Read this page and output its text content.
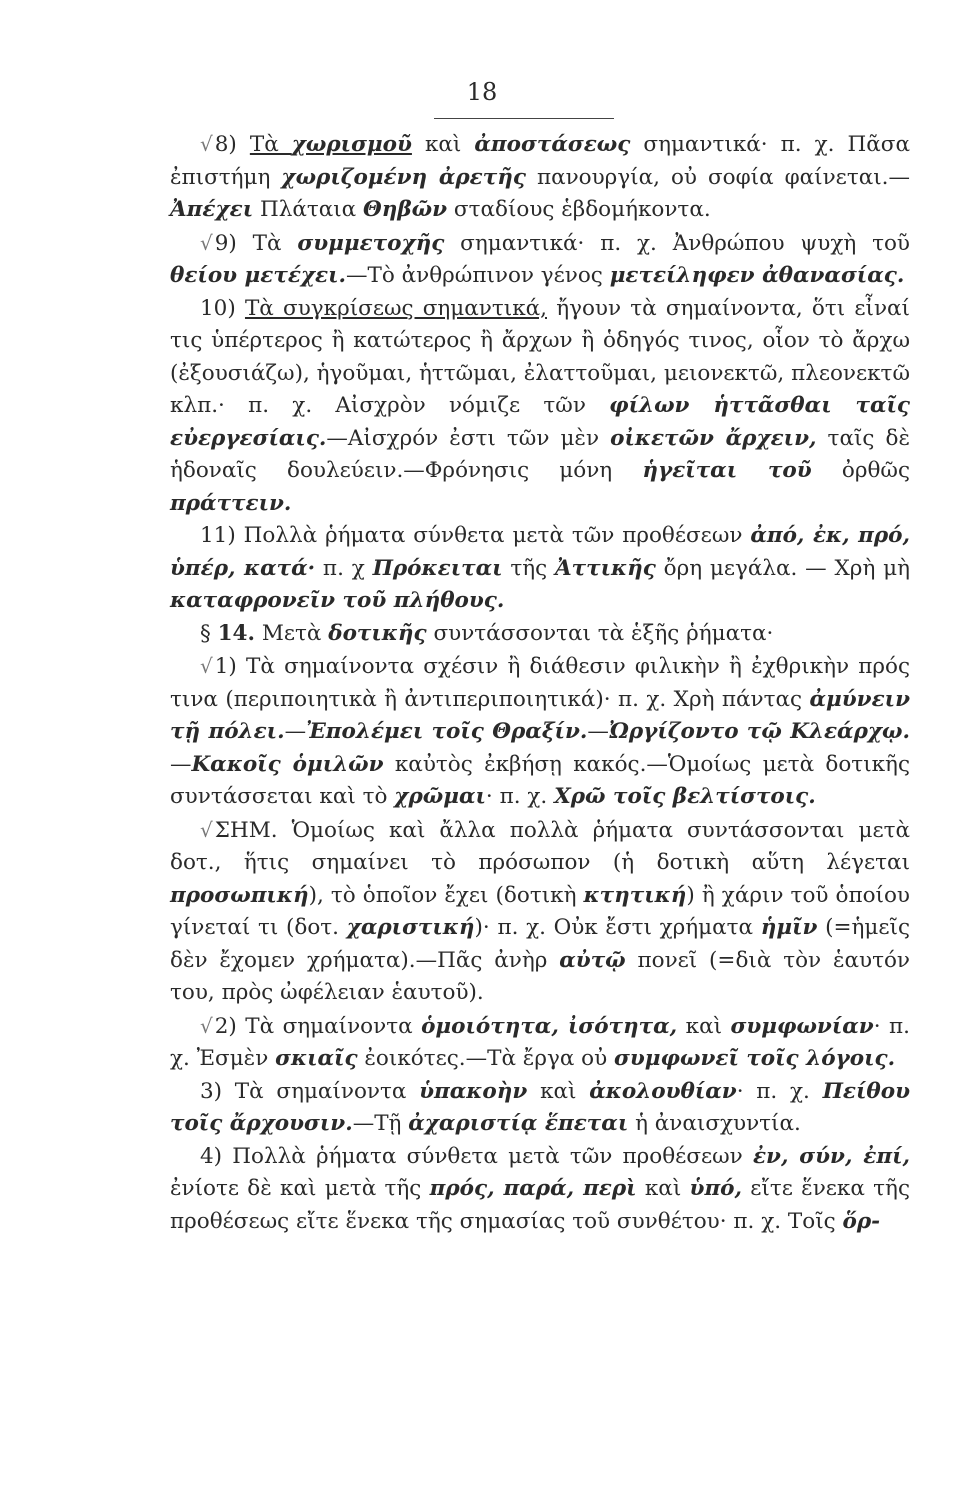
18

√8) Τὰ χωρισμοῦ καὶ ἀποστάσεως σημαντικά· π. χ. Πᾶσα ἐπιστήμη χωριζομένη ἀρετῆς πανουργία, οὐ σοφία φαίνεται.—Ἀπέχει Πλάταια Θηβῶν σταδίους ἑβδομήκοντα.

√9) Τὰ συμμετοχῆς σημαντικά· π. χ. Ἀνθρώπου ψυχὴ τοῦ θείου μετέχει.—Τὸ ἀνθρώπινον γένος μετείληφεν ἀθανασίας.

10) Τὰ συγκρίσεως σημαντικά, ἤγουν τὰ σημαίνοντα, ὅτι εἶναί τις ὑπέρτερος ἢ κατώτερος ἢ ἄρχων ἢ ὁδηγός τινος, οἷον τὸ ἄρχω (ἐξουσιάζω), ἡγοῦμαι, ἡττῶμαι, ἐλαττοῦμαι, μειονεκτῶ, πλεονεκτῶ κλπ.· π. χ. Αἰσχρὸν νόμιζε τῶν φίλων ἡττᾶσθαι ταῖς εὐεργεσίαις.—Αἰσχρόν ἐστι τῶν μὲν οἰκετῶν ἄρχειν, ταῖς δὲ ἡδοναῖς δουλεύειν.—Φρόνησις μόνη ἡγεῖται τοῦ ὀρθῶς πράττειν.

11) Πολλὰ ῥήματα σύνθετα μετὰ τῶν προθέσεων ἀπό, ἐκ, πρό, ὑπέρ, κατά· π. χ Πρόκειται τῆς Ἀττικῆς ὄρη μεγάλα. — Χρὴ μὴ καταφρονεῖν τοῦ πλήθους.

§ 14. Μετὰ δοτικῆς συντάσσονται τὰ ἑξῆς ῥήματα·

√1) Τὰ σημαίνοντα σχέσιν ἢ διάθεσιν φιλικὴν ἢ ἐχθρικὴν πρός τινα (περιποιητικὰ ἢ ἀντιπεριποιητικά)· π. χ. Χρὴ πάντας ἀμύνειν τῇ πόλει.—Ἐπολέμει τοῖς Θραξίν.—Ὠργίζοντο τῷ Κλεάρχῳ.—Κακοῖς ὁμιλῶν καὐτὸς ἐκβήσῃ κακός.—Ὁμοίως μετὰ δοτικῆς συντάσσεται καὶ τὸ χρῶμαι· π. χ. Χρῶ τοῖς βελτίστοις.

√ΣΗΜ. Ὁμοίως καὶ ἄλλα πολλὰ ῥήματα συντάσσονται μετὰ δοτ., ἥτις σημαίνει τὸ πρόσωπον (ἡ δοτικὴ αὕτη λέγεται προσωπική), τὸ ὁποῖον ἔχει (δοτικὴ κτητική) ἢ χάριν τοῦ ὁποίου γίνεταί τι (δοτ. χαριστική)· π. χ. Οὐκ ἔστι χρήματα ἡμῖν (=ἡμεῖς δὲν ἔχομεν χρήματα).—Πᾶς ἀνὴρ αὐτῷ πονεῖ (=διὰ τὸν ἑαυτόν του, πρὸς ὠφέλειαν ἑαυτοῦ).

√2) Τὰ σημαίνοντα ὁμοιότητα, ἰσότητα, καὶ συμφωνίαν· π. χ. Ἐσμὲν σκιαῖς ἐοικότες.—Τὰ ἔργα οὐ συμφωνεῖ τοῖς λόγοις.

3) Τὰ σημαίνοντα ὑπακοὴν καὶ ἀκολουθίαν· π. χ. Πείθου τοῖς ἄρχουσιν.—Τῇ ἀχαριστίᾳ ἕπεται ἡ ἀναισχυντία.

4) Πολλὰ ῥήματα σύνθετα μετὰ τῶν προθέσεων ἐν, σύν, ἐπί, ἐνίοτε δὲ καὶ μετὰ τῆς πρός, παρά, περὶ καὶ ὑπό, εἴτε ἕνεκα τῆς προθέσεως εἴτε ἕνεκα τῆς σημασίας τοῦ συνθέτου· π. χ. Τοῖς ὅρ-
